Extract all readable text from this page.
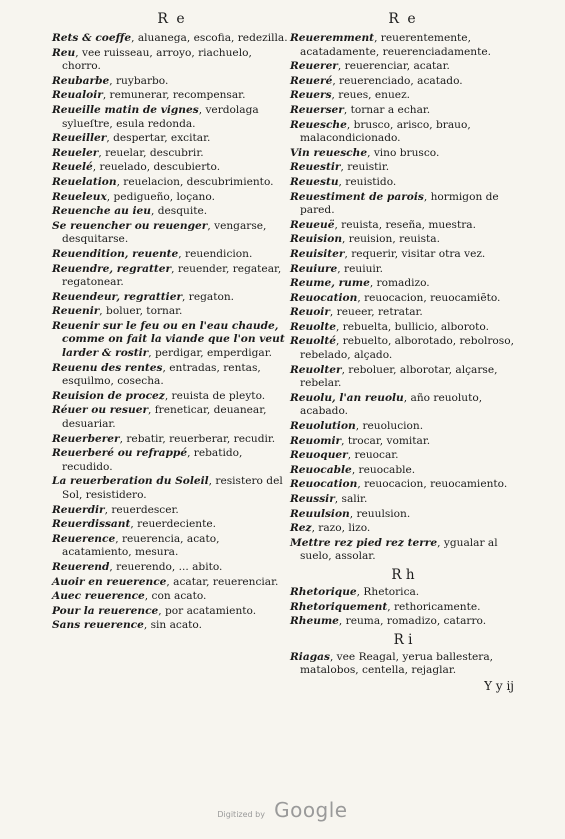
R e
Rets & coeffe, aluanega, escofia, redezilla.
Reu, vee ruisseau, arroyo, riachuelo, chorro.
Reubarbe, ruybarbo.
Reualoir, remunerar, recompensar.
Reueille matin de vignes, verdolaga sylueſtre, esula redonda.
Reueiller, despertar, excitar.
Reueler, reuelar, descubrir.
Reuelé, reuelado, descubierto.
Reuelation, reuelacion, descubrimiento.
Reueleux, pedigueño, loçano.
Reuenche au ieu, desquite.
Se reuencher ou reuenger, vengarse, desquitarse.
Reuendition, reuente, reuendicion.
Reuendre, regratter, reuender, regatear, regatonear.
Reuendeur, regrattier, regaton.
Reuenir, boluer, tornar.
Reuenir sur le feu ou en l'eau chaude, comme on fait la viande que l'on veut larder & rostir, perdigar, emperdigar.
Reuenu des rentes, entradas, rentas, esquilmo, cosecha.
Reuision de procez, reuista de pleyto.
Réuer ou resuer, freneticar, deuanear, desuariar.
Reuerberer, rebatir, reuerberar, recudir.
Reuerberé ou refrappé, rebatido, recudido.
La reuerberation du Soleil, resistero del Sol, resistidero.
Reuerdir, reuerdescer.
Reuerdissant, reuerdeciente.
Reuerence, reuerencia, acato, acatamiento, mesura.
Reuerend, reuerendo, ... abito.
Auoir en reuerence, acatar, reuerenciar.
Auec reuerence, con acato.
Pour la reuerence, por acatamiento.
Sans reuerence, sin acato.
R e
Reueremment, reuerentemente, acatadamente, reuerenciadamente.
Reuerer, reuerenciar, acatar.
Reueré, reuerenciado, acatado.
Reuers, reues, enuez.
Reuerser, tornar a echar.
Reuesche, brusco, arisco, brauo, malacondicionado.
Vin reuesche, vino brusco.
Reuestir, reuistir.
Reuestu, reuistido.
Reuestiment de parois, hormigon de pared.
Reueuë, reuista, reseña, muestra.
Reuision, reuision, reuista.
Reuisiter, requerir, visitar otra vez.
Reuiure, reuiuir.
Reume, rume, romadizo.
Reuocation, reuocacion, reuocamiẽto.
Reuoir, reueer, retratar.
Reuolte, rebuelta, bullicio, alboroto.
Reuolté, rebuelto, alborotado, rebolroso, rebelado, alçado.
Reuolter, reboluer, alborotar, alçarse, rebelar.
Reuolu, l'an reuolu, año reuoluto, acabado.
Reuolution, reuolucion.
Reuomir, trocar, vomitar.
Reuoquer, reuocar.
Reuocable, reuocable.
Reuocation, reuocacion, reuocamiento.
Reussir, salir.
Reuulsion, reuulsion.
Rez, razo, lizo.
Mettre rez pied rez terre, ygualar al suelo, assolar.
R h
Rhetorique, Rhetorica.
Rhetoriquement, rethoricamente.
Rheume, reuma, romadizo, catarro.
R i
Riagas, vee Reagal, yerua ballestera, matalobos, centella, rejaglar.
Y y ij
Digitized by Google
